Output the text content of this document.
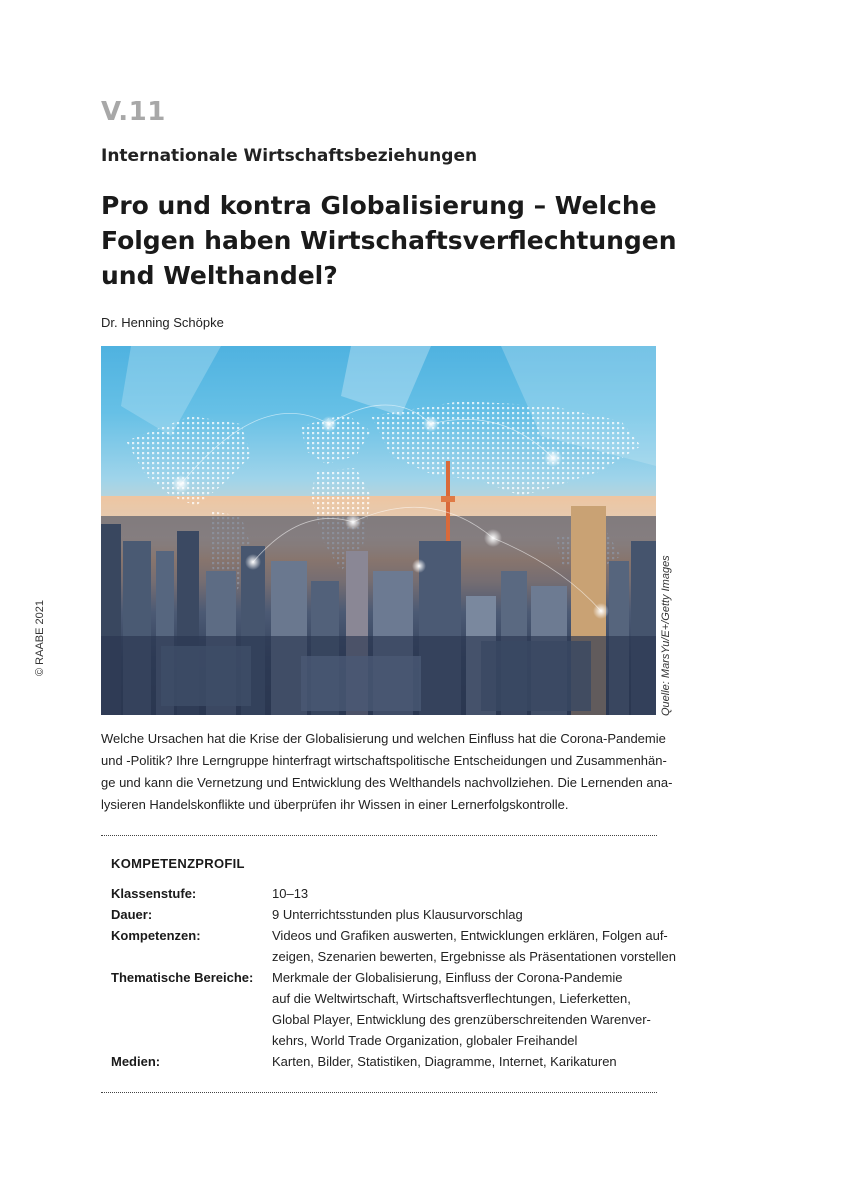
© RAABE 2021
V.11
Internationale Wirtschaftsbeziehungen
Pro und kontra Globalisierung – Welche
Folgen haben Wirtschaftsverflechtungen
und Welthandel?
Dr. Henning Schöpke
Quelle: MarsYu/E+/Getty Images
Welche Ursachen hat die Krise der Globalisierung und welchen Einfluss hat die Corona-Pandemie
und -Politik? Ihre Lerngruppe hinterfragt wirtschaftspolitische Entscheidungen und Zusammenhän-
ge und kann die Vernetzung und Entwicklung des Welthandels nachvollziehen. Die Lernenden ana-
lysieren Handelskonflikte und überprüfen ihr Wissen in einer Lernerfolgskontrolle.
KOMPETENZPROFIL
Klassenstufe:	10–13
Dauer:	9 Unterrichtsstunden plus Klausurvorschlag
Kompetenzen:	Videos und Grafiken auswerten, Entwicklungen erklären, Folgen auf-
zeigen, Szenarien bewerten, Ergebnisse als Präsentationen vorstellen
Thematische Bereiche: Merkmale der Globalisierung, Einfluss der Corona-Pandemie
auf die Weltwirtschaft, Wirtschaftsverflechtungen, Lieferketten,
Global Player, Entwicklung des grenzüberschreitenden Warenver-
kehrs, World Trade Organization, globaler Freihandel
Medien:	Karten, Bilder, Statistiken, Diagramme, Internet, Karikaturen
